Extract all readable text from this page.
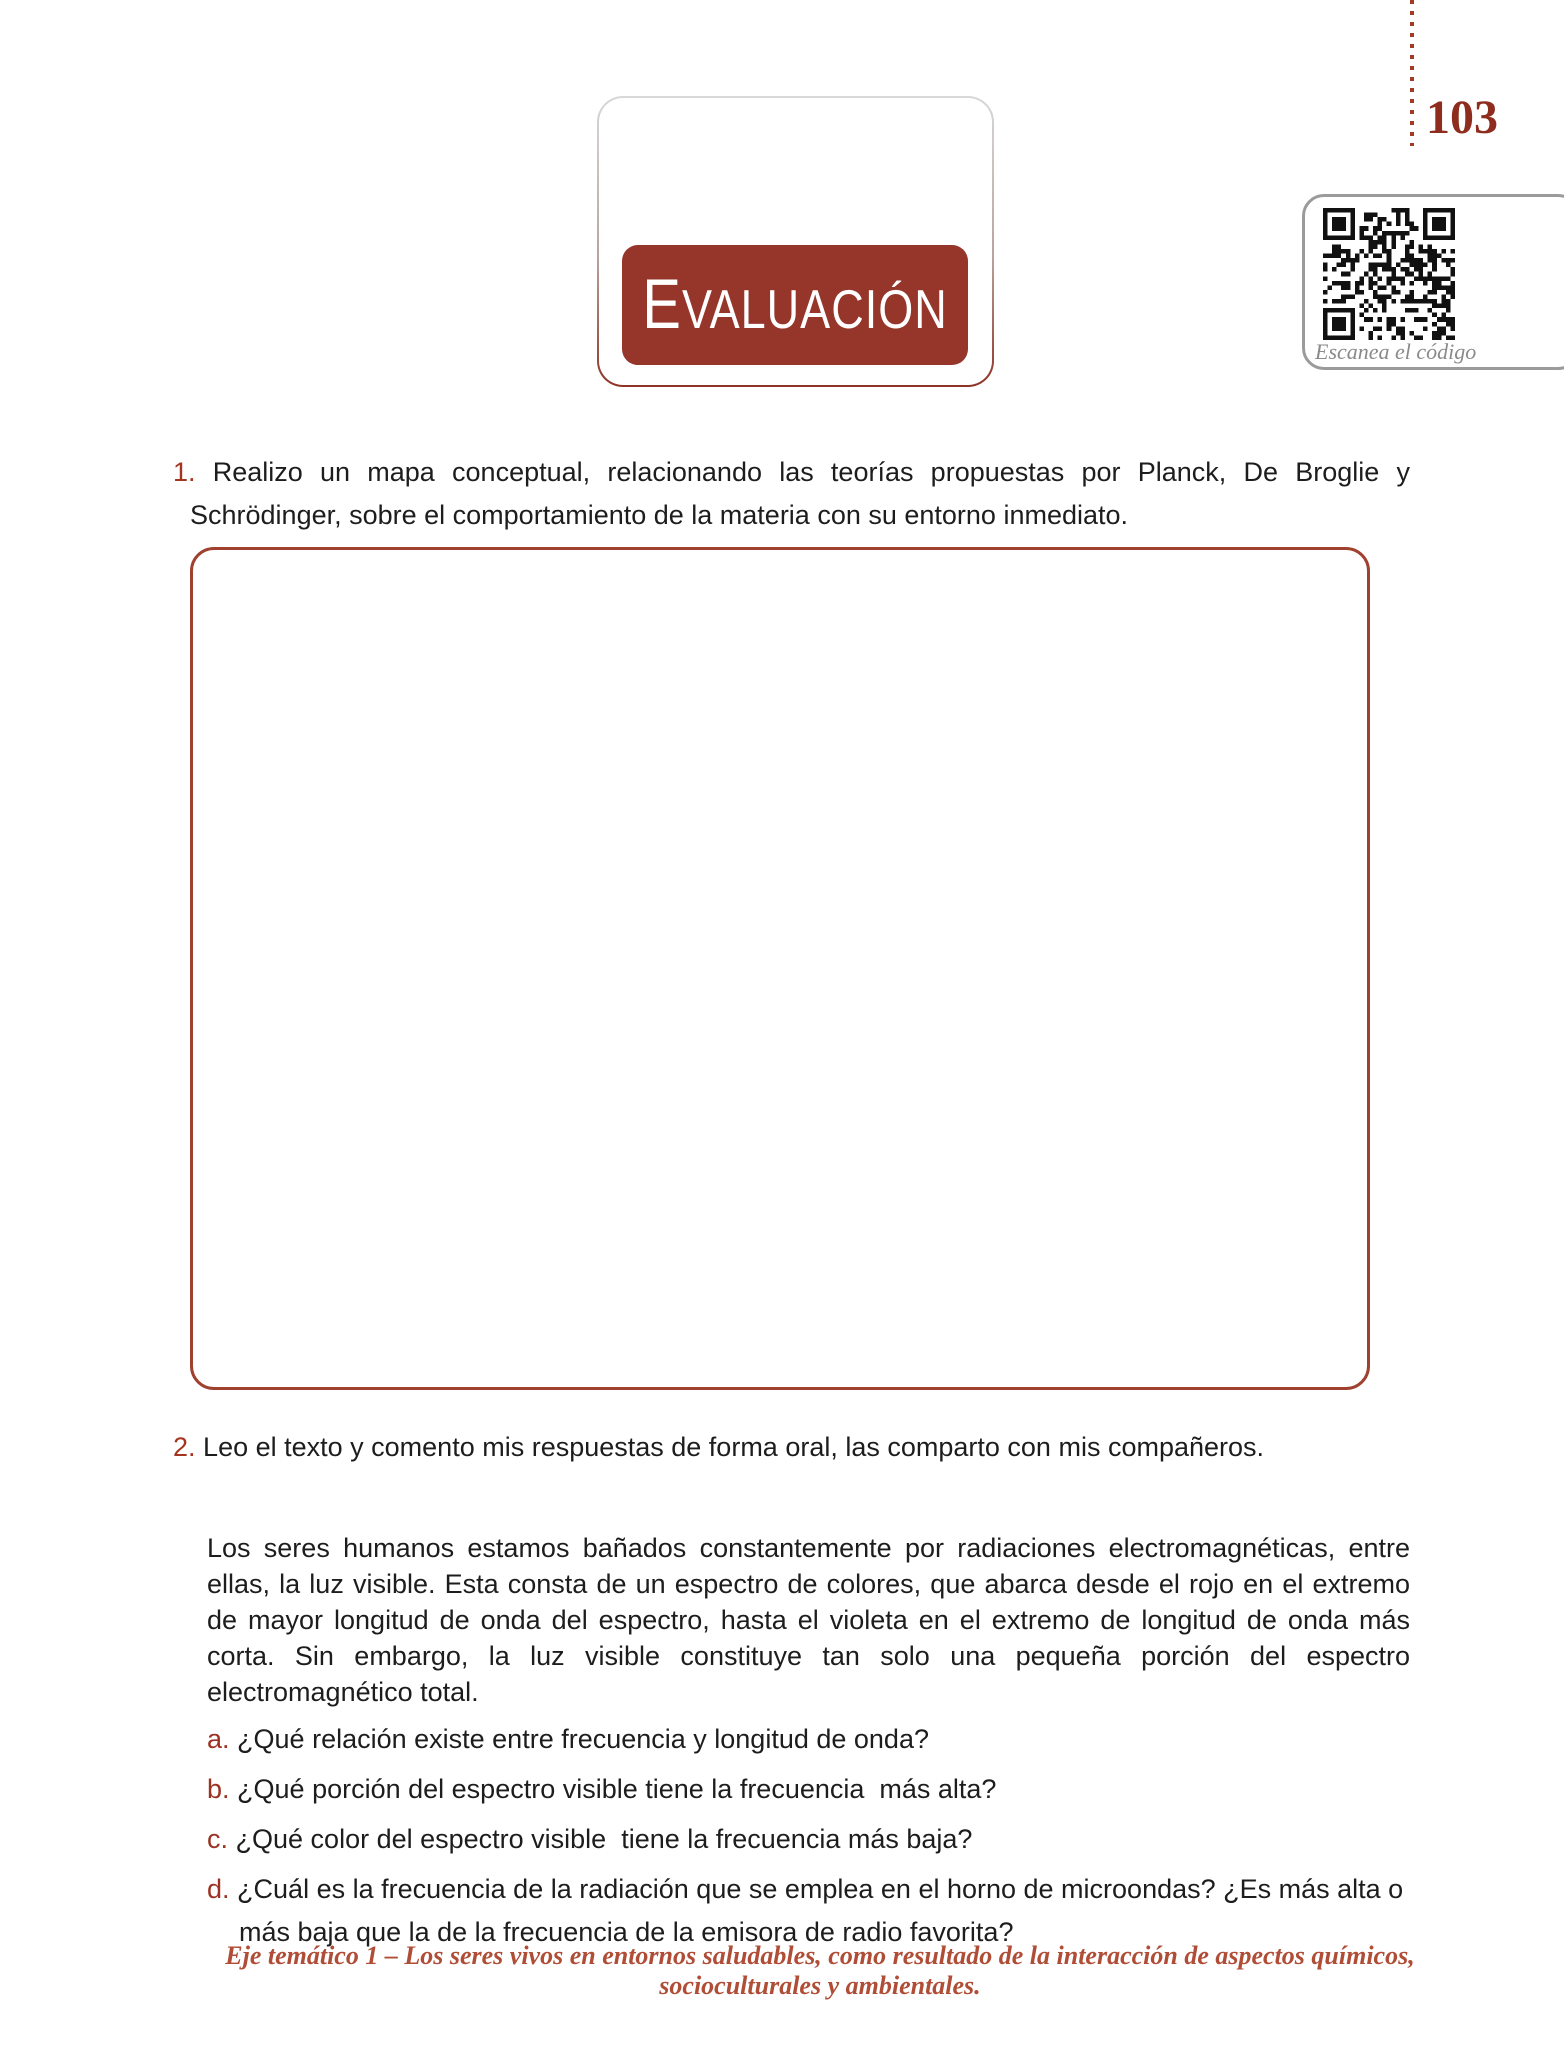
103
EVALUACIÓN
Escanea el código

1. Realizo un mapa conceptual, relacionando las teorías propuestas por Planck, De Broglie y Schrödinger, sobre el comportamiento de la materia con su entorno inmediato.

2. Leo el texto y comento mis respuestas de forma oral, las comparto con mis compañeros.

Los seres humanos estamos bañados constantemente por radiaciones electromagnéticas, entre ellas, la luz visible. Esta consta de un espectro de colores, que abarca desde el rojo en el extremo de mayor longitud de onda del espectro, hasta el violeta en el extremo de longitud de onda más corta. Sin embargo, la luz visible constituye tan solo una pequeña porción del espectro electromagnético total.

a. ¿Qué relación existe entre frecuencia y longitud de onda?

b. ¿Qué porción del espectro visible tiene la frecuencia  más alta?

c. ¿Qué color del espectro visible  tiene la frecuencia más baja?

d. ¿Cuál es la frecuencia de la radiación que se emplea en el horno de microondas? ¿Es más alta o más baja que la de la frecuencia de la emisora de radio favorita?

Eje temático 1 – Los seres vivos en entornos saludables, como resultado de la interacción de aspectos químicos, socioculturales y ambientales.
